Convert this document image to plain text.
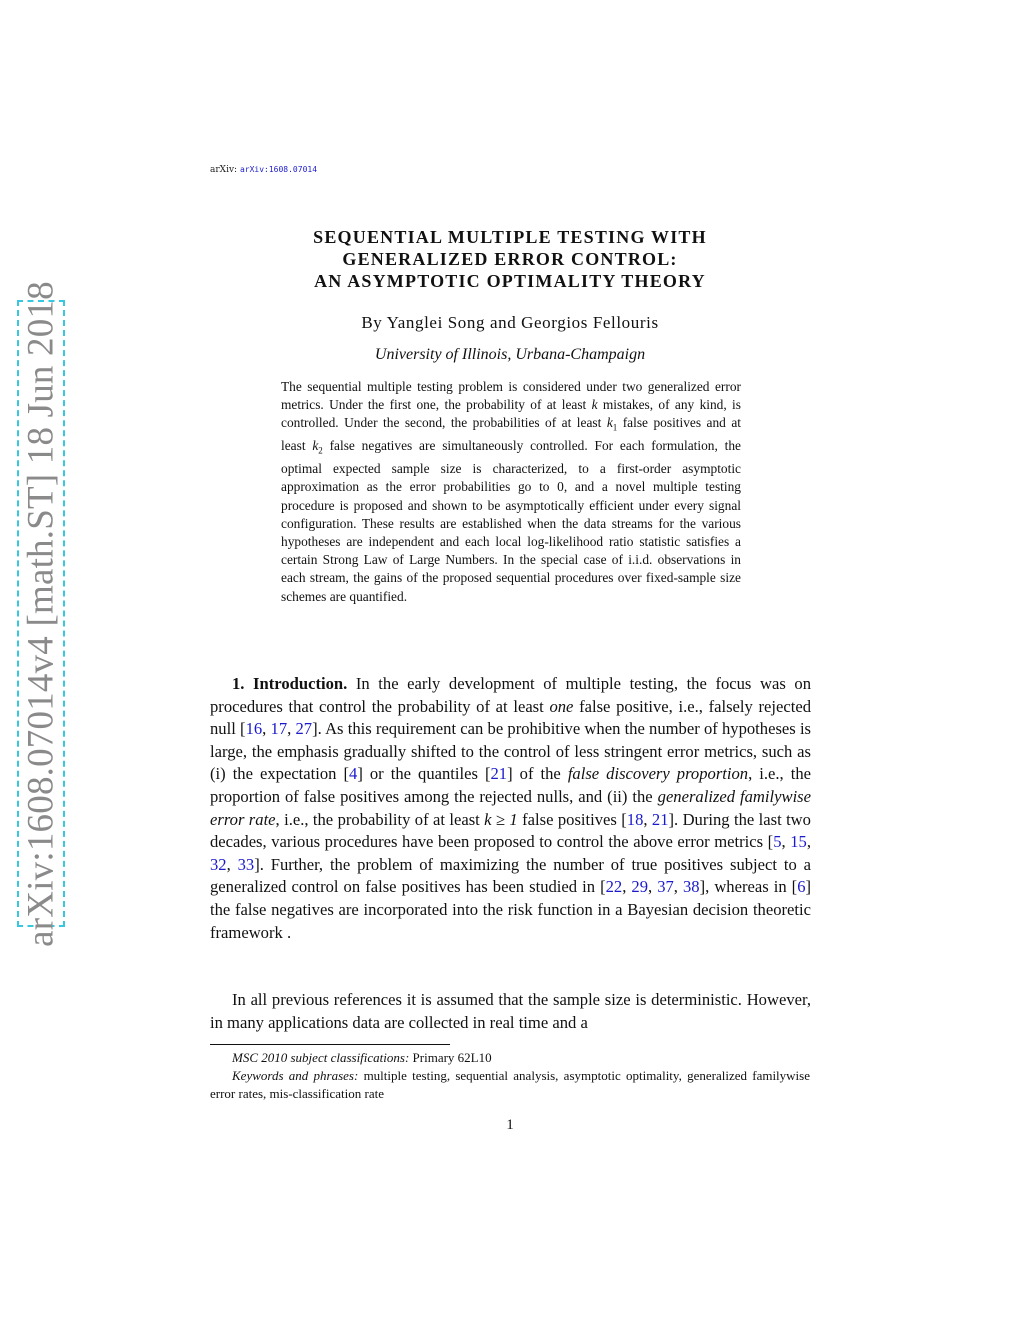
arXiv:1608.07014v4 [math.ST] 18 Jun 2018
arXiv: arXiv:1608.07014
SEQUENTIAL MULTIPLE TESTING WITH
GENERALIZED ERROR CONTROL:
AN ASYMPTOTIC OPTIMALITY THEORY
By Yanglei Song and Georgios Fellouris
University of Illinois, Urbana-Champaign
The sequential multiple testing problem is considered under two generalized error metrics. Under the first one, the probability of at least k mistakes, of any kind, is controlled. Under the second, the probabilities of at least $k_1$ false positives and at least $k_2$ false negatives are simultaneously controlled. For each formulation, the optimal expected sample size is characterized, to a first-order asymptotic approximation as the error probabilities go to 0, and a novel multiple testing procedure is proposed and shown to be asymptotically efficient under every signal configuration. These results are established when the data streams for the various hypotheses are independent and each local log-likelihood ratio statistic satisfies a certain Strong Law of Large Numbers. In the special case of i.i.d. observations in each stream, the gains of the proposed sequential procedures over fixed-sample size schemes are quantified.
1. Introduction. In the early development of multiple testing, the focus was on procedures that control the probability of at least one false positive, i.e., falsely rejected null [16, 17, 27]. As this requirement can be prohibitive when the number of hypotheses is large, the emphasis gradually shifted to the control of less stringent error metrics, such as (i) the expectation [4] or the quantiles [21] of the false discovery proportion, i.e., the proportion of false positives among the rejected nulls, and (ii) the generalized familywise error rate, i.e., the probability of at least k ≥ 1 false positives [18, 21]. During the last two decades, various procedures have been proposed to control the above error metrics [5, 15, 32, 33]. Further, the problem of maximizing the number of true positives subject to a generalized control on false positives has been studied in [22, 29, 37, 38], whereas in [6] the false negatives are incorporated into the risk function in a Bayesian decision theoretic framework .
In all previous references it is assumed that the sample size is deterministic. However, in many applications data are collected in real time and a

MSC 2010 subject classifications: Primary 62L10

Keywords and phrases: multiple testing, sequential analysis, asymptotic optimality, generalized familywise error rates, mis-classification rate

1
